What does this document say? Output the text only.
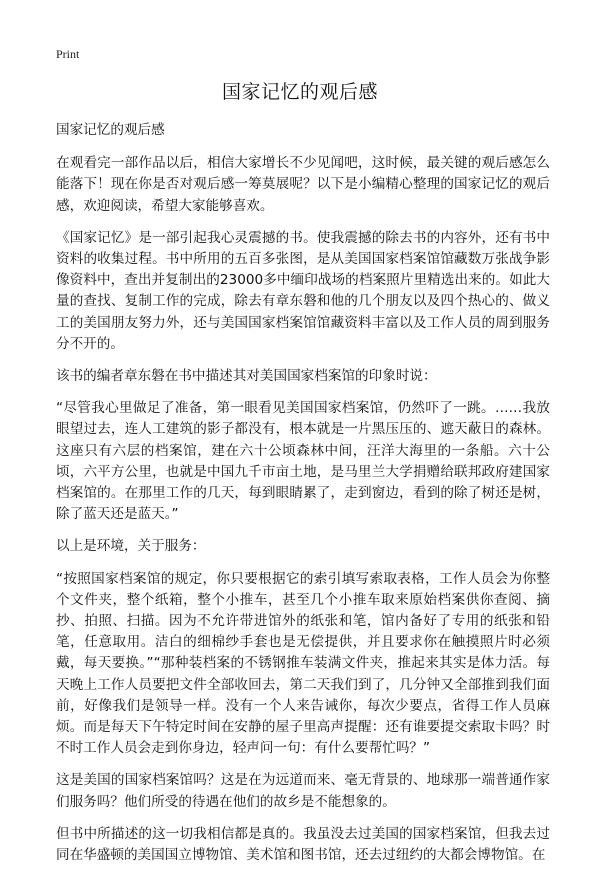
Print
国家记忆的观后感

国家记忆的观后感

在观看完一部作品以后，相信大家增长不少见闻吧，这时候，最关键的观后感怎么能落下！现在你是否对观后感一筹莫展呢？以下是小编精心整理的国家记忆的观后感，欢迎阅读，希望大家能够喜欢。

《国家记忆》是一部引起我心灵震撼的书。使我震撼的除去书的内容外，还有书中资料的收集过程。书中所用的五百多张图，是从美国国家档案馆馆藏数万张战争影像资料中，查出并复制出的23000多中缅印战场的档案照片里精选出来的。如此大量的查找、复制工作的完成，除去有章东磐和他的几个朋友以及四个热心的、做义工的美国朋友努力外，还与美国国家档案馆馆藏资料丰富以及工作人员的周到服务分不开的。

该书的编者章东磐在书中描述其对美国国家档案馆的印象时说：

“尽管我心里做足了准备，第一眼看见美国国家档案馆，仍然吓了一跳。……我放眼望过去，连人工建筑的影子都没有，根本就是一片黑压压的、遮天蔽日的森林。这座只有六层的档案馆，建在六十公顷森林中间，汪洋大海里的一条船。六十公顷，六平方公里，也就是中国九千市亩土地，是马里兰大学捐赠给联邦政府建国家档案馆的。在那里工作的几天，每到眼睛累了，走到窗边，看到的除了树还是树，除了蓝天还是蓝天。”

以上是环境，关于服务：

“按照国家档案馆的规定，你只要根据它的索引填写索取表格，工作人员会为你整个文件夹，整个纸箱，整个小推车，甚至几个小推车取来原始档案供你查阅、摘抄、拍照、扫描。因为不允许带进馆外的纸张和笔，馆内备好了专用的纸张和铅笔，任意取用。洁白的细棉纱手套也是无偿提供，并且要求你在触摸照片时必须戴，每天要换。”“那种装档案的不锈钢推车装满文件夹，推起来其实是体力活。每天晚上工作人员要把文件全部收回去，第二天我们到了，几分钟又全部推到我们面前，好像我们是领导一样。没有一个人来告诫你，每次少要点，省得工作人员麻烦。而是每天下午特定时间在安静的屋子里高声提醒：还有谁要提交索取卡吗？时不时工作人员会走到你身边，轻声问一句：有什么要帮忙吗？”

这是美国的国家档案馆吗？这是在为远道而来、毫无背景的、地球那一端普通作家们服务吗？他们所受的待遇在他们的故乡是不能想象的。

但书中所描述的这一切我相信都是真的。我虽没去过美国的国家档案馆，但我去过同在华盛顿的美国国立博物馆、美术馆和图书馆，还去过纽约的大都会博物馆。在
